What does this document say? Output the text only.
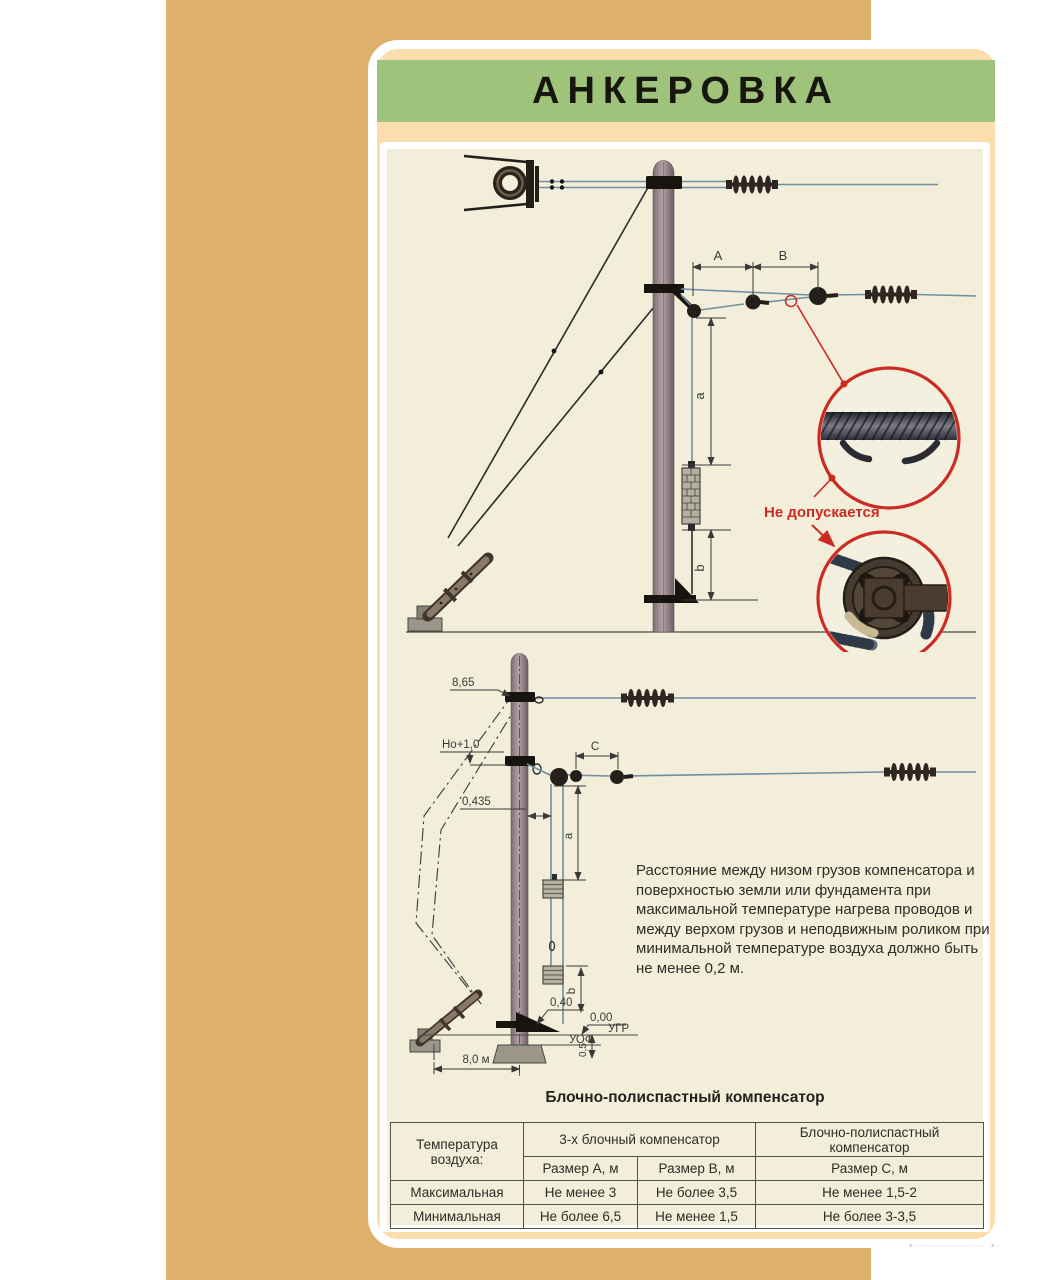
АНКЕРОВКА
А	В
a
b
Не допускается
8,65
Нo+1,0	С
0,435
a
b
0,40
0,00
УГР
УОФ
0,5
8,0 м
Расстояние между низом грузов компенсатора и поверхностью земли или фундамента при максимальной температуре нагрева проводов и между верхом грузов и неподвижным роликом при минимальной температуре воздуха должно быть не менее 0,2 м.
Блочно-полиспастный компенсатор
Температура воздуха:	3-х блочный компенсатор		Блочно-полиспастный компенсатор
	Размер А, м	Размер В, м	Размер С, м
Максимальная	Не менее 3	Не более 3,5	Не менее 1,5-2
Минимальная	Не более 6,5	Не менее 1,5	Не более 3-3,5
© ·· ············ ···········-····· ···· ©····
